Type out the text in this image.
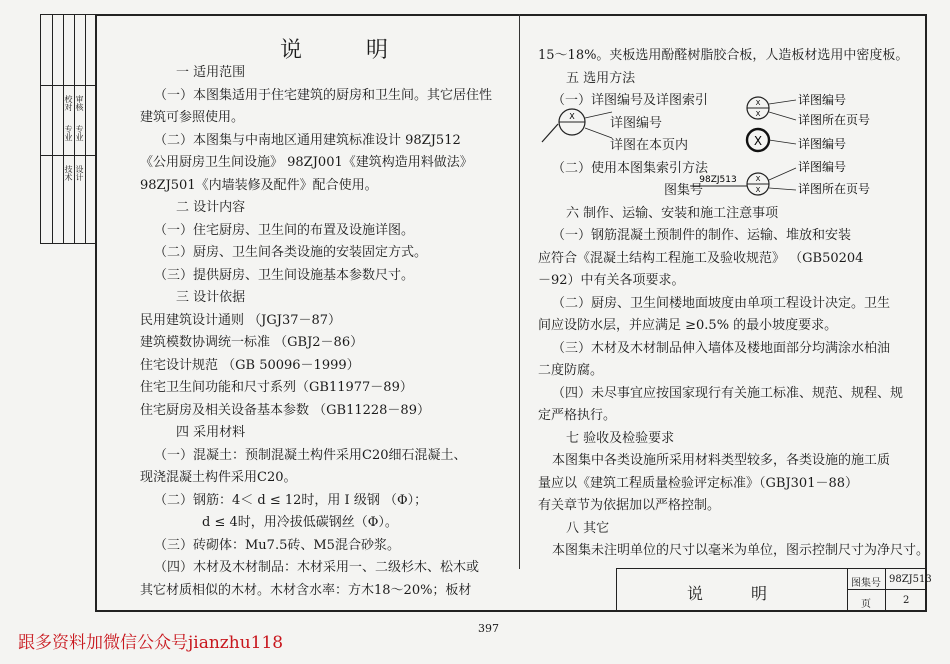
技术 设计
校对 审核
专业 专业
说明

一 适用范围

（一）本图集适用于住宅建筑的厨房和卫生间。其它居住性

建筑可参照使用。

（二）本图集与中南地区通用建筑标准设计 98ZJ512

《公用厨房卫生间设施》 98ZJ001《建筑构造用料做法》

98ZJ501《内墙装修及配件》配合使用。

二 设计内容

（一）住宅厨房、卫生间的布置及设施详图。

（二）厨房、卫生间各类设施的安装固定方式。

（三）提供厨房、卫生间设施基本参数尺寸。

三 设计依据

民用建筑设计通则 （JGJ37－87）

建筑模数协调统一标准 （GBJ2－86）

住宅设计规范 （GB 50096－1999）

住宅卫生间功能和尺寸系列（GB11977－89）

住宅厨房及相关设备基本参数 （GB11228－89）

四 采用材料

（一）混凝土：预制混凝土构件采用C20细石混凝土、

现浇混凝土构件采用C20。

（二）钢筋：4＜ d ≤ 12时，用 Ⅰ 级钢 （Φ）；

d ≤ 4时，用冷拔低碳钢丝（Φ）。

（三）砖砌体：Mu7.5砖、M5混合砂浆。

（四）木材及木材制品：木材采用一、二级杉木、松木或

其它材质相似的木材。木材含水率：方木18～20%；板材

15～18%。夹板选用酚醛树脂胶合板，人造板材选用中密度板。

五 选用方法

（一）详图编号及详图索引

详图编号

详图在本页内

（二）使用本图集索引方法

图集号

六 制作、运输、安装和施工注意事项

（一）钢筋混凝土预制件的制作、运输、堆放和安装

应符合《混凝土结构工程施工及验收规范》 （GB50204

－92）中有关各项要求。

（二）厨房、卫生间楼地面坡度由单项工程设计决定。卫生

间应设防水层，并应满足 ≥0.5% 的最小坡度要求。

（三）木材及木材制品伸入墙体及楼地面部分均满涂水柏油

二度防腐。

（四）未尽事宜应按国家现行有关施工标准、规范、规程、规

定严格执行。

七 验收及检验要求

本图集中各类设施所采用材料类型较多，各类设施的施工质

量应以《建筑工程质量检验评定标准》（GBJ301－88）

有关章节为依据加以严格控制。

八 其它

本图集未注明单位的尺寸以毫米为单位，图示控制尺寸为净尺寸。

X
X
X
详图编号
详图所在页号
X	详图编号
98ZJ513	X
X
详图编号
详图所在页号
说明
图集号 98ZJ513
页	2
397
跟多资料加微信公众号jianzhu118
